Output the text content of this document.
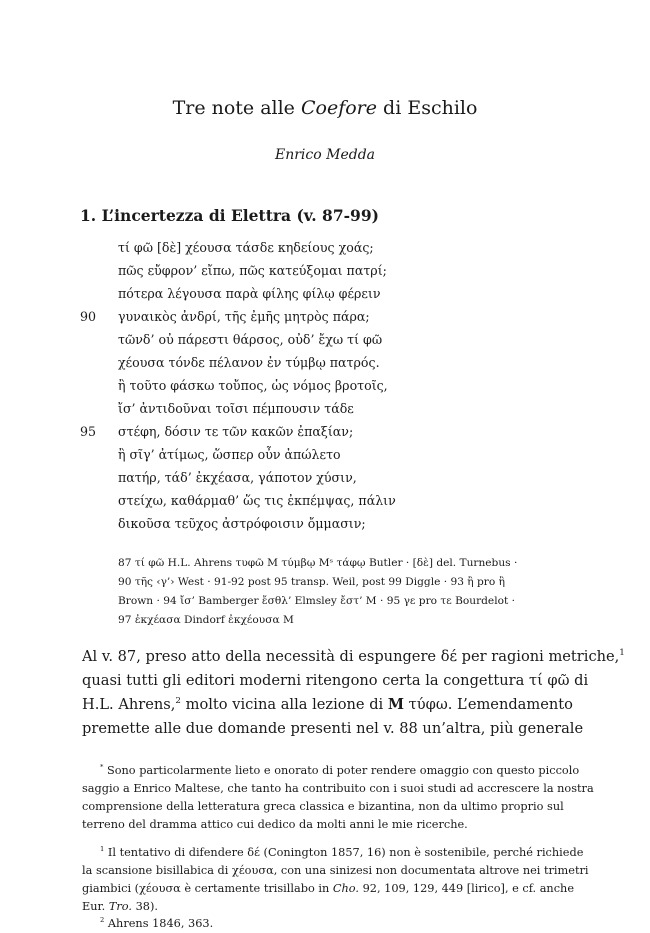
Tre note alle Coefore di Eschilo
Enrico Medda
1. L’incertezza di Elettra (v. 87-99)
τί φῶ [δὲ] χέουσα τάσδε κηδείους χοάς;
πῶς εὔφρον’ εἴπω, πῶς κατεύξομαι πατρί;
πότερα λέγουσα παρὰ φίλης φίλῳ φέρειν
90 γυναικὸς ἀνδρί, τῆς ἐμῆς μητρὸς πάρα;
τῶνδ’ οὐ πάρεστι θάρσος, οὐδ’ ἔχω τί φῶ
χέουσα τόνδε πέλανον ἐν τύμβῳ πατρός.
ἢ τοῦτο φάσκω τοὔπος, ὡς νόμος βροτοῖς,
ἴσ’ ἀντιδοῦναι τοῖσι πέμπουσιν τάδε
95 στέφη, δόσιν τε τῶν κακῶν ἐπαξίαν;
ἢ σῖγ’ ἀτίμως, ὥσπερ οὖν ἀπώλετο
πατήρ, τάδ’ ἐκχέασα, γάποτον χύσιν,
στείχω, καθάρμαθ’ ὥς τις ἐκπέμψας, πάλιν
δικοῦσα τεῦχος ἀστρόφοισιν ὄμμασιν;
87 τί φῶ H.L. Ahrens τυφῶ M τύμβῳ Mˢ τάφῳ Butler · [δὲ] del. Turnebus ·
90 τῆς ‹γ’› West · 91-92 post 95 transp. Weil, post 99 Diggle · 93 ἢ pro ἢ
Brown · 94 ἴσ’ Bamberger ἔσθλ’ Elmsley ἔστ’ M · 95 γε pro τε Bourdelot ·
97 ἐκχέασα Dindorf ἐκχέουσα M
Al v. 87, preso atto della necessità di espungere δέ per ragioni metriche,$^1$
quasi tutti gli editori moderni ritengono certa la congettura τί φῶ di
H.L. Ahrens,$^2$ molto vicina alla lezione di M τύφω. L’emendamento
premette alle due domande presenti nel v. 88 un’altra, più generale
* Sono particolarmente lieto e onorato di poter rendere omaggio con questo piccolo
saggio a Enrico Maltese, che tanto ha contribuito con i suoi studi ad accrescere la nostra
comprensione della letteratura greca classica e bizantina, non da ultimo proprio sul
terreno del dramma attico cui dedico da molti anni le mie ricerche.
$^1$ Il tentativo di difendere δέ (Conington 1857, 16) non è sostenibile, perché richiede
la scansione bisillabica di χέουσα, con una sinizesi non documentata altrove nei trimetri
giambici (χέουσα è certamente trisillabo in Cho. 92, 109, 129, 449 [lirico], e cf. anche
Eur. Tro. 38).
$^2$ Ahrens 1846, 363.
